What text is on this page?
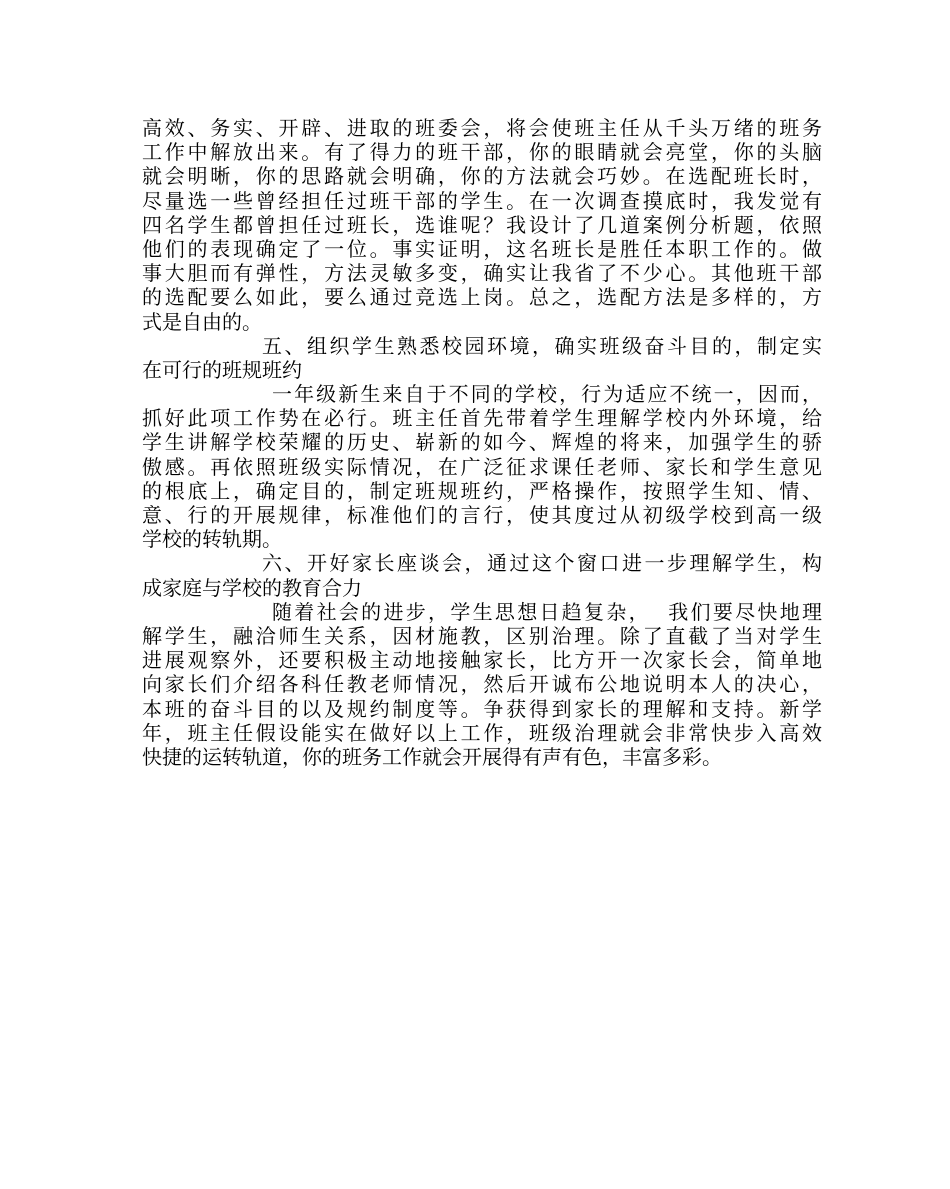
高效、务实、开辟、进取的班委会，将会使班主任从千头万绪的班务
工作中解放出来。有了得力的班干部，你的眼睛就会亮堂，你的头脑
就会明晰，你的思路就会明确，你的方法就会巧妙。在选配班长时，
尽量选一些曾经担任过班干部的学生。在一次调查摸底时，我发觉有
四名学生都曾担任过班长，选谁呢？我设计了几道案例分析题，依照
他们的表现确定了一位。事实证明，这名班长是胜任本职工作的。做
事大胆而有弹性，方法灵敏多变，确实让我省了不少心。其他班干部
的选配要么如此，要么通过竞选上岗。总之，选配方法是多样的，方
式是自由的。
五、组织学生熟悉校园环境，确实班级奋斗目的，制定实
在可行的班规班约
一年级新生来自于不同的学校，行为适应不统一，因而，
抓好此项工作势在必行。班主任首先带着学生理解学校内外环境，给
学生讲解学校荣耀的历史、崭新的如今、辉煌的将来，加强学生的骄
傲感。再依照班级实际情况，在广泛征求课任老师、家长和学生意见
的根底上，确定目的，制定班规班约，严格操作，按照学生知、情、
意、行的开展规律，标准他们的言行，使其度过从初级学校到高一级
学校的转轨期。
六、开好家长座谈会，通过这个窗口进一步理解学生，构
成家庭与学校的教育合力
随着社会的进步，学生思想日趋复杂，  我们要尽快地理
解学生，融洽师生关系，因材施教，区别治理。除了直截了当对学生
进展观察外，还要积极主动地接触家长，比方开一次家长会，简单地
向家长们介绍各科任教老师情况，然后开诚布公地说明本人的决心，
本班的奋斗目的以及规约制度等。争获得到家长的理解和支持。新学
年，班主任假设能实在做好以上工作，班级治理就会非常快步入高效
快捷的运转轨道，你的班务工作就会开展得有声有色，丰富多彩。
